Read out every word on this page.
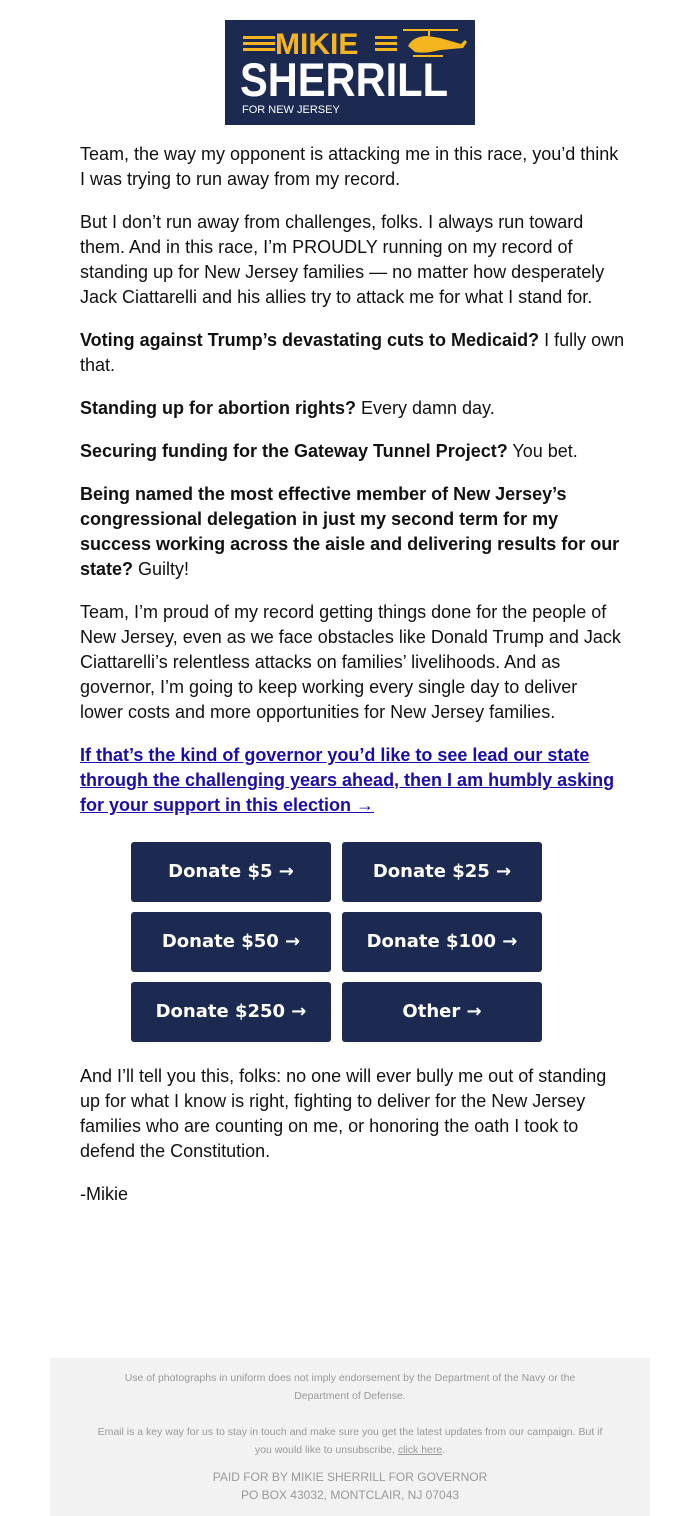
MIKIE
SHERRILL
FOR NEW JERSEY

Team, the way my opponent is attacking me in this race, you’d think I was trying to run away from my record.

But I don’t run away from challenges, folks. I always run toward them. And in this race, I’m PROUDLY running on my record of standing up for New Jersey families — no matter how desperately Jack Ciattarelli and his allies try to attack me for what I stand for.

Voting against Trump’s devastating cuts to Medicaid? I fully own that.

Standing up for abortion rights? Every damn day.

Securing funding for the Gateway Tunnel Project? You bet.

Being named the most effective member of New Jersey’s congressional delegation in just my second term for my success working across the aisle and delivering results for our state? Guilty!

Team, I’m proud of my record getting things done for the people of New Jersey, even as we face obstacles like Donald Trump and Jack Ciattarelli’s relentless attacks on families’ livelihoods. And as governor, I’m going to keep working every single day to deliver lower costs and more opportunities for New Jersey families.

If that’s the kind of governor you’d like to see lead our state through the challenging years ahead, then I am humbly asking for your support in this election →

Donate $5 →	Donate $25 →
Donate $50 →	Donate $100 →
Donate $250 →	Other →

And I’ll tell you this, folks: no one will ever bully me out of standing up for what I know is right, fighting to deliver for the New Jersey families who are counting on me, or honoring the oath I took to defend the Constitution.

-Mikie

Use of photographs in uniform does not imply endorsement by the Department of the Navy or the Department of Defense.
Email is a key way for us to stay in touch and make sure you get the latest updates from our campaign. But if you would like to unsubscribe, click here.
PAID FOR BY MIKIE SHERRILL FOR GOVERNOR
PO BOX 43032, MONTCLAIR, NJ 07043
